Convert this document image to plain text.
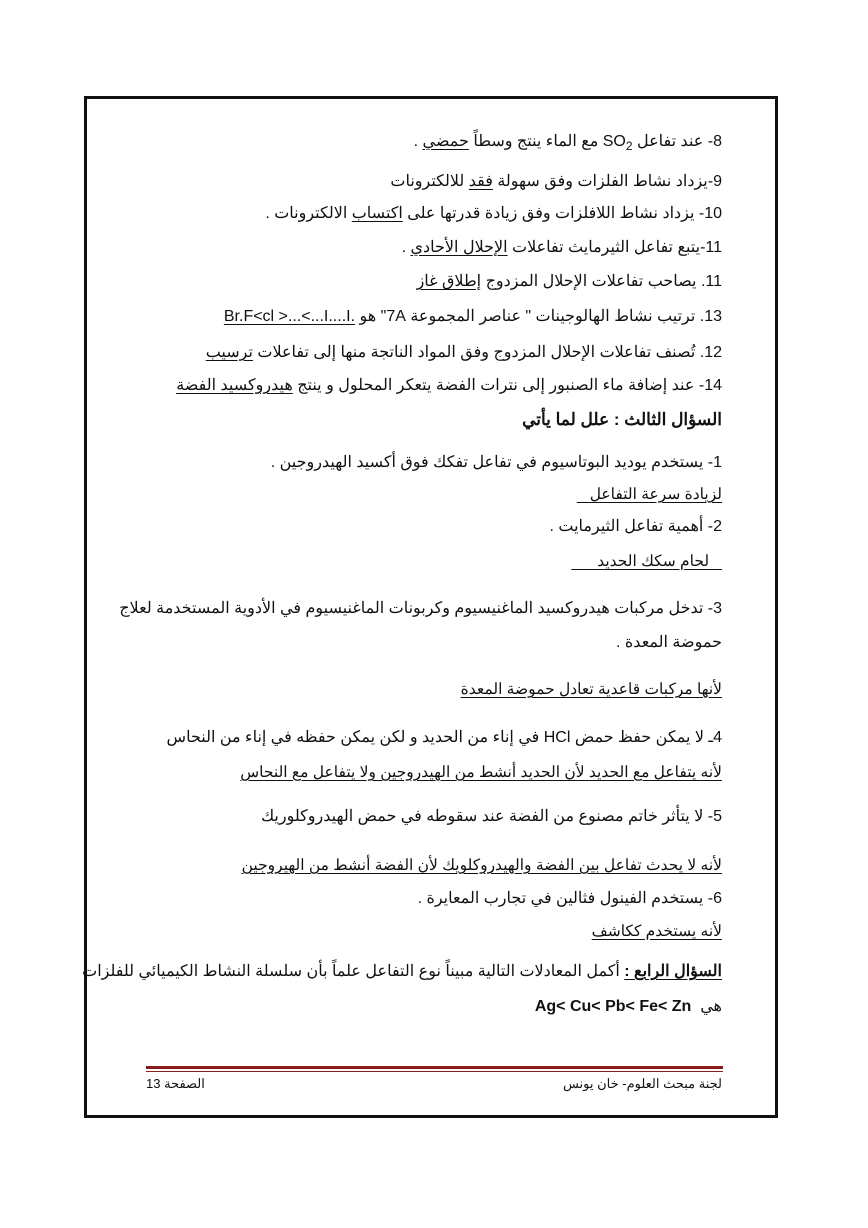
8- عند تفاعل $SO_2$ مع الماء ينتج وسطاً حمضي .
9-يزداد نشاط الفلزات وفق سهولة فقد للالكترونات
10- يزداد نشاط اللافلزات وفق زيادة قدرتها على اكتساب الالكترونات .
11-يتبع تفاعل الثيرمايث تفاعلات الإحلال الأحادي .
11. يصاحب تفاعلات الإحلال المزدوج إطلاق غاز
13. ترتيب نشاط الهالوجينات " عناصر المجموعة 7A" هو Br.F<cl >...<...I....I.
12. تُصنف تفاعلات الإحلال المزدوج وفق المواد الناتجة منها إلى تفاعلات ترسيب
14- عند إضافة ماء الصنبور إلى نترات الفضة يتعكر المحلول و ينتج هيدروكسيد الفضة
السؤال الثالث : علل لما يأتي
1- يستخدم يوديد البوتاسيوم في تفاعل تفكك فوق أكسيد الهيدروجين .
لزيادة سرعة التفاعل
2- أهمية تفاعل الثيرمايت .
لحام سكك الحديد
3- تدخل مركبات هيدروكسيد الماغنيسيوم وكربونات الماغنيسيوم في الأدوية المستخدمة لعلاج
حموضة المعدة .
لأنها مركبات قاعدية تعادل حموضة المعدة
4ـ لا يمكن حفظ حمض HCl في إناء من الحديد و لكن يمكن حفظه في إناء من النحاس
لأنه يتفاعل مع الحديد لأن الحديد أنشط من الهيدروجين ولا يتفاعل مع النحاس
5- لا يتأثر خاتم مصنوع من الفضة عند سقوطه في حمض الهيدروكلوريك
لأنه لا يحدث تفاعل بين الفضة والهيدروكلويك لأن الفضة أنشط من الهيروجين
6- يستخدم الفينول فثالين في تجارب المعايرة .
لأنه يستخدم ككاشف
السؤال الرابع : أكمل المعادلات التالية مبيناً نوع التفاعل علماً بأن سلسلة النشاط الكيميائي للفلزات
هي  Ag< Cu< Pb< Fe< Zn
لجنة مبحث العلوم- خان يونس
الصفحة 13
